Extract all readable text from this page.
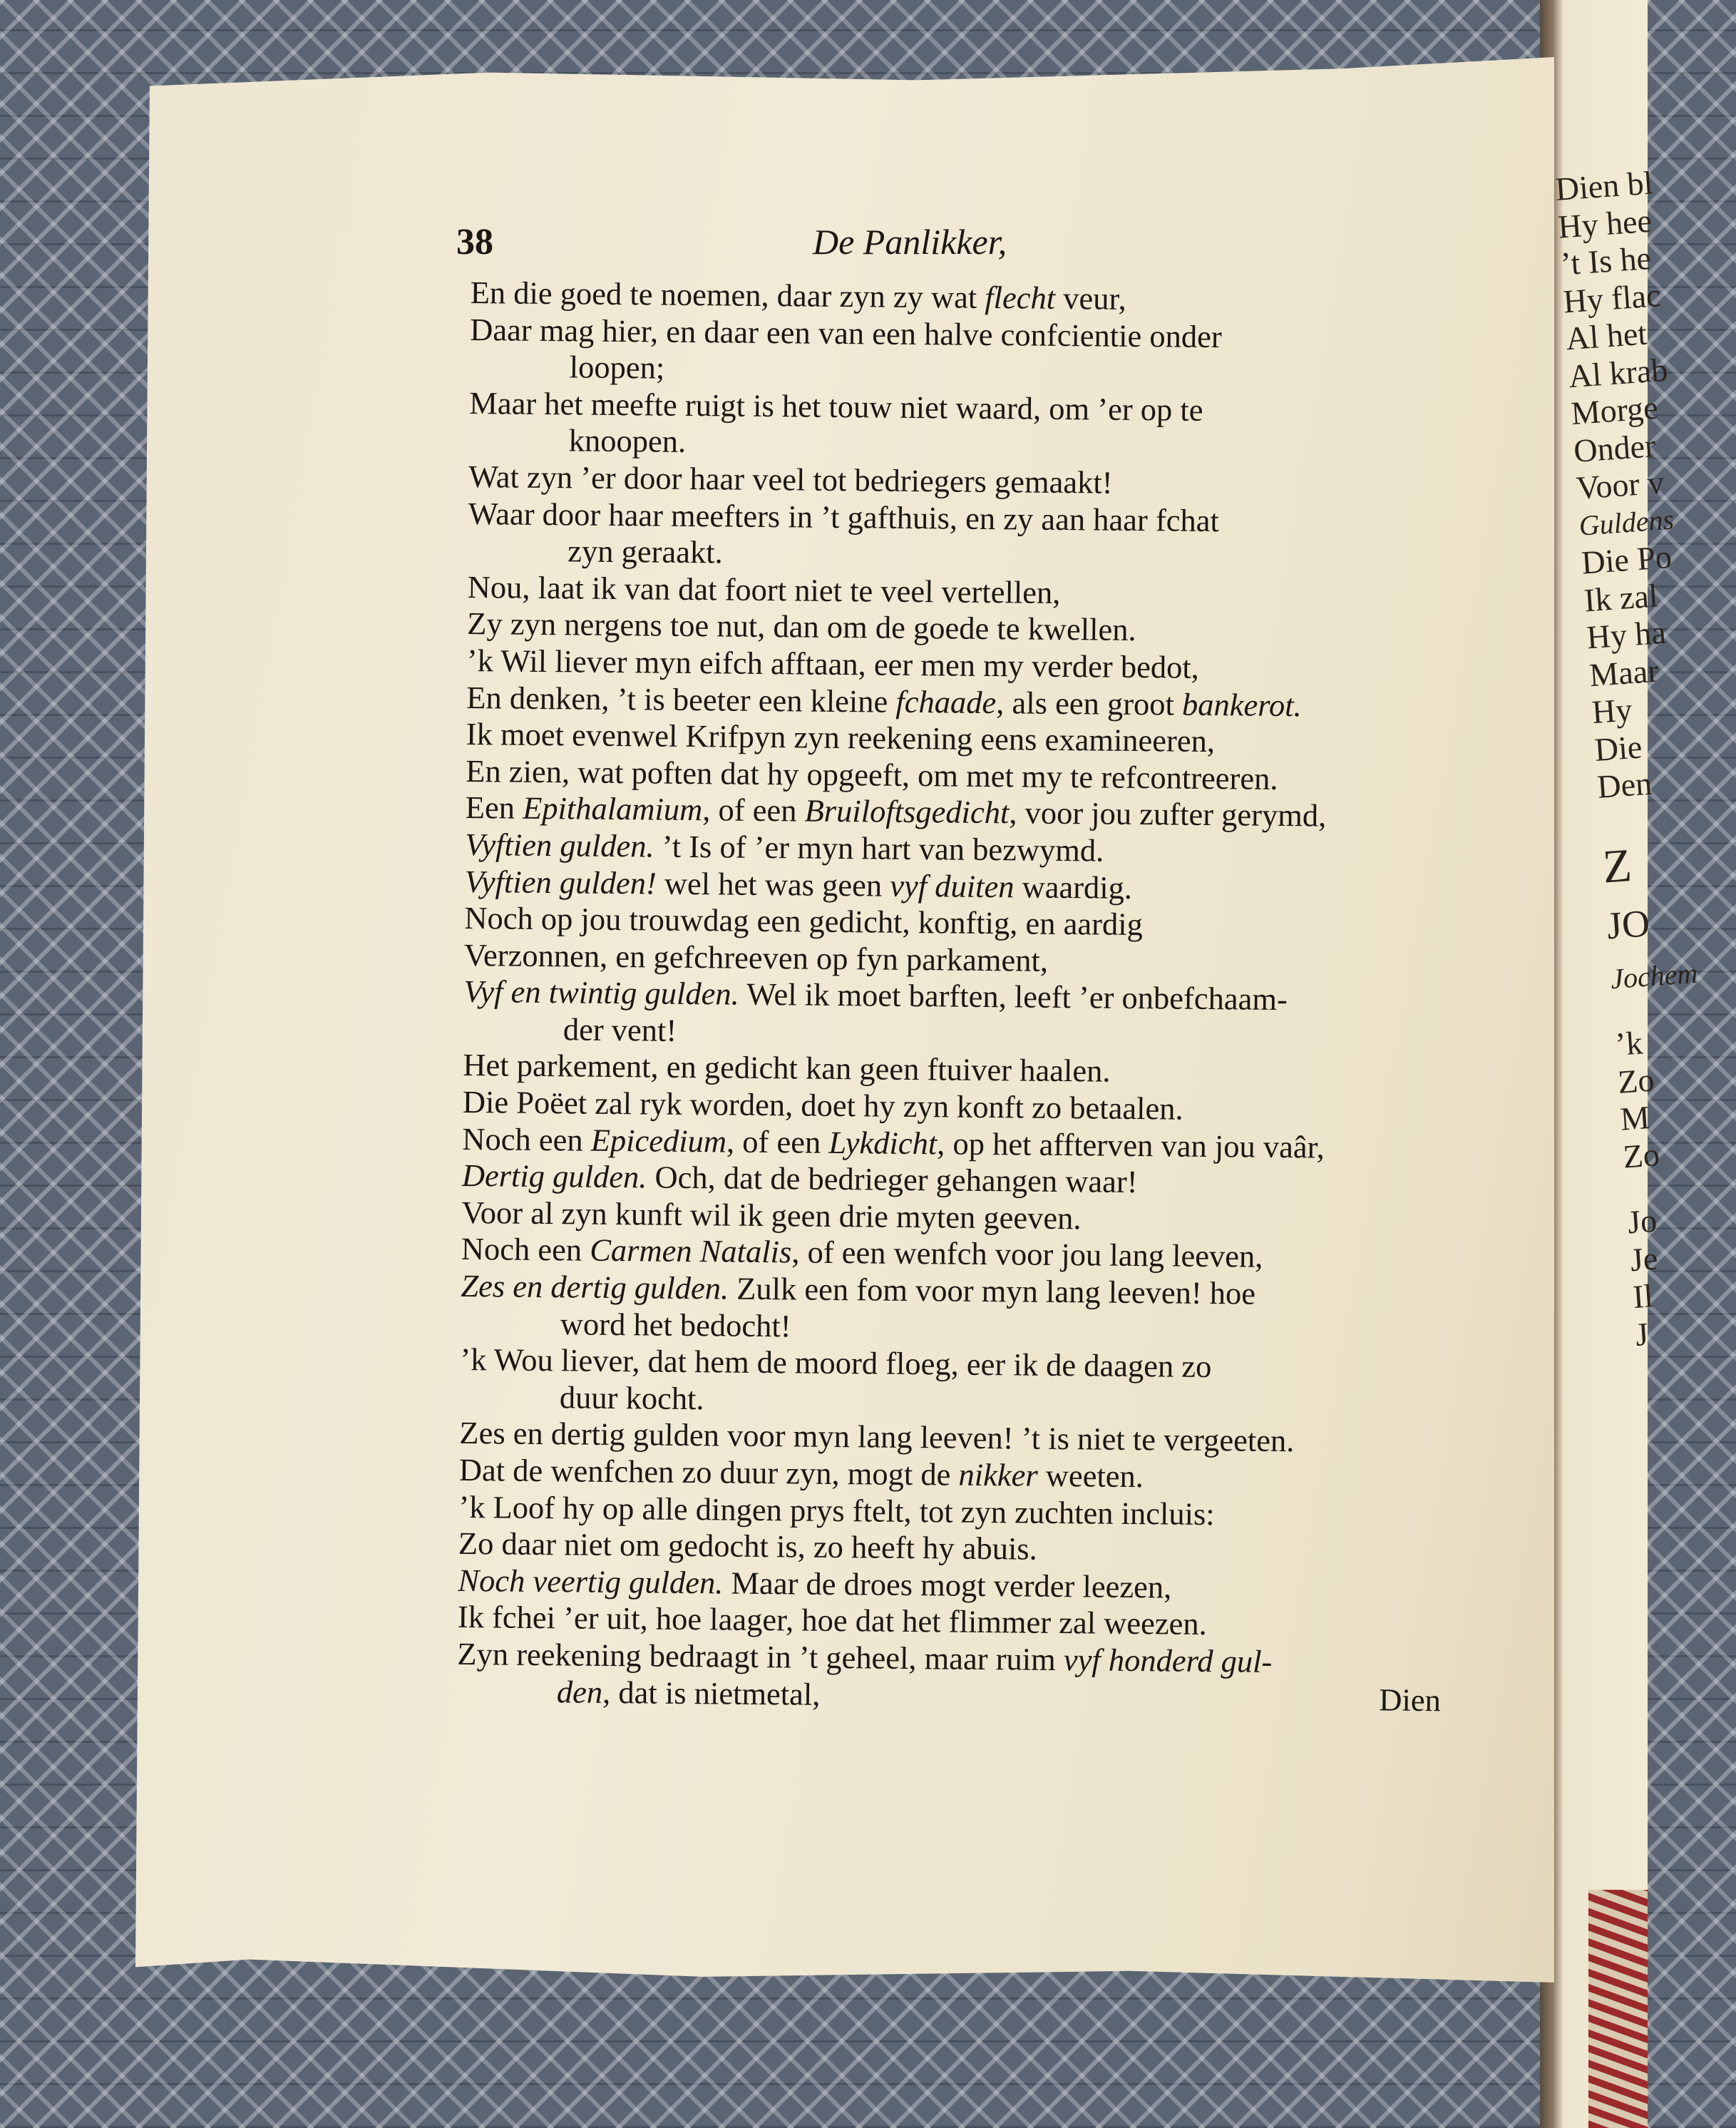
38	De Panlikker,
En die goed te noemen, daar zyn zy wat flecht veur,
Daar mag hier, en daar een van een halve confcientie onder
loopen;
Maar het meefte ruigt is het touw niet waard, om ’er op te
knoopen.
Wat zyn ’er door haar veel tot bedriegers gemaakt!
Waar door haar meefters in ’t gafthuis, en zy aan haar fchat
zyn geraakt.
Nou, laat ik van dat foort niet te veel vertellen,
Zy zyn nergens toe nut, dan om de goede te kwellen.
’k Wil liever myn eifch afftaan, eer men my verder bedot,
En denken, ’t is beeter een kleine fchaade, als een groot bankerot.
Ik moet evenwel Krifpyn zyn reekening eens examineeren,
En zien, wat poften dat hy opgeeft, om met my te refcontreeren.
Een Epithalamium, of een Bruiloftsgedicht, voor jou zufter gerymd,
Vyftien gulden. ’t Is of ’er myn hart van bezwymd.
Vyftien gulden! wel het was geen vyf duiten waardig.
Noch op jou trouwdag een gedicht, konftig, en aardig
Verzonnen, en gefchreeven op fyn parkament,
Vyf en twintig gulden. Wel ik moet barften, leeft ’er onbefchaam-
der vent!
Het parkement, en gedicht kan geen ftuiver haalen.
Die Poëet zal ryk worden, doet hy zyn konft zo betaalen.
Noch een Epicedium, of een Lykdicht, op het affterven van jou vaâr,
Dertig gulden. Och, dat de bedrieger gehangen waar!
Voor al zyn kunft wil ik geen drie myten geeven.
Noch een Carmen Natalis, of een wenfch voor jou lang leeven,
Zes en dertig gulden. Zulk een fom voor myn lang leeven! hoe
word het bedocht!
’k Wou liever, dat hem de moord floeg, eer ik de daagen zo
duur kocht.
Zes en dertig gulden voor myn lang leeven! ’t is niet te vergeeten.
Dat de wenfchen zo duur zyn, mogt de nikker weeten.
’k Loof hy op alle dingen prys ftelt, tot zyn zuchten incluis:
Zo daar niet om gedocht is, zo heeft hy abuis.
Noch veertig gulden. Maar de droes mogt verder leezen,
Ik fchei ’er uit, hoe laager, hoe dat het flimmer zal weezen.
Zyn reekening bedraagt in ’t geheel, maar ruim vyf honderd gul-
den, dat is nietmetal,	Dien
Dien bl
Hy hee
’t Is he
Hy flac
Al het
Al krab
Morge
Onder
Voor v
Guldens
Die Po
Ik zal
Hy ha
Maar
Hy
Die
Den
Z
JO
Jochem
’k
Zo
M
Zo
Jo
Je
Il
J
